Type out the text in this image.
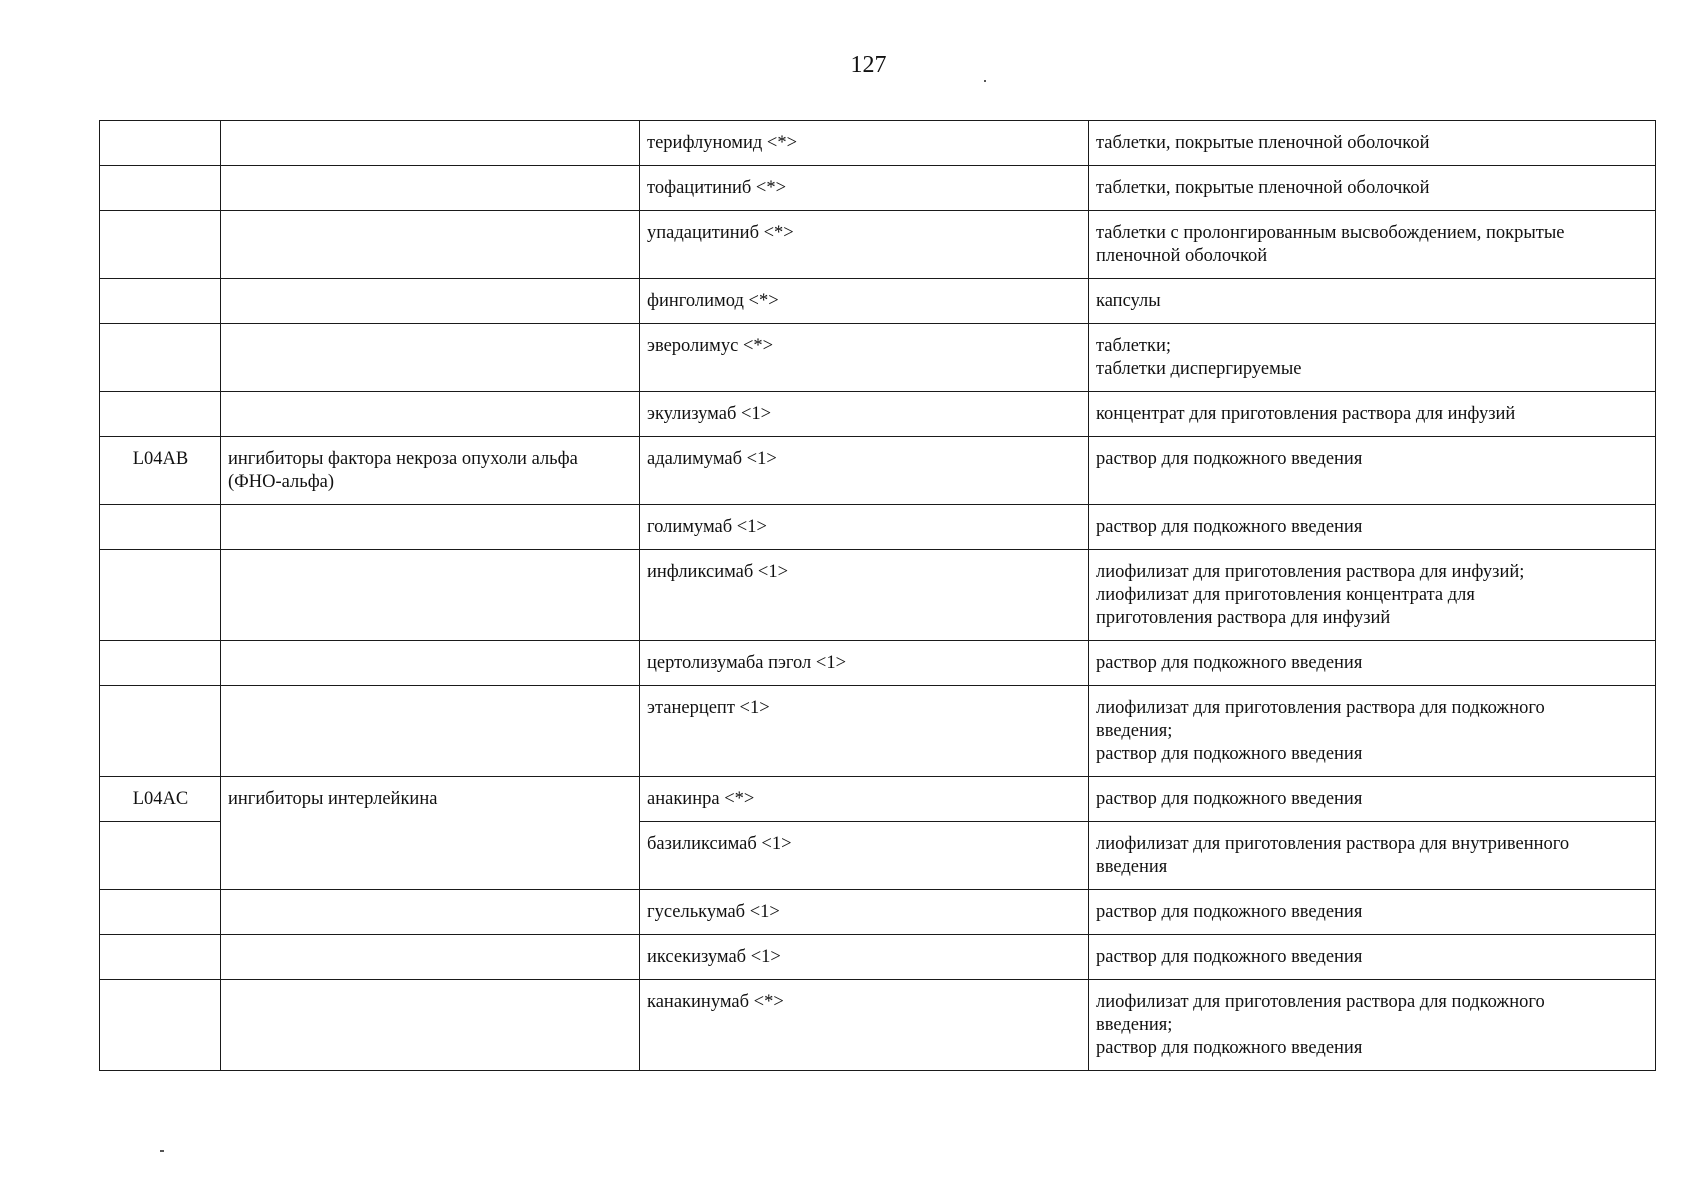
127
		терифлуномид <*>	таблетки, покрытые пленочной оболочкой

		тофацитиниб <*>	таблетки, покрытые пленочной оболочкой

		упадацитиниб <*>	таблетки с пролонгированным высвобождением, покрытые
пленочной оболочкой

		финголимод <*>	капсулы

		эверолимус <*>	таблетки;
таблетки диспергируемые

		экулизумаб <1>	концентрат для приготовления раствора для инфузий

L04AB	ингибиторы фактора некроза опухоли альфа (ФНО-альфа)	адалимумаб <1>	раствор для подкожного введения

		голимумаб <1>	раствор для подкожного введения

		инфликсимаб <1>	лиофилизат для приготовления раствора для инфузий;
лиофилизат для приготовления концентрата для
приготовления раствора для инфузий

		цертолизумаба пэгол <1>	раствор для подкожного введения

		этанерцепт <1>	лиофилизат для приготовления раствора для подкожного
введения;
раствор для подкожного введения

L04AC	ингибиторы интерлейкина	анакинра <*>	раствор для подкожного введения

		базиликсимаб <1>	лиофилизат для приготовления раствора для внутривенного
введения

		гуселькумаб <1>	раствор для подкожного введения

		иксекизумаб <1>	раствор для подкожного введения

		канакинумаб <*>	лиофилизат для приготовления раствора для подкожного
введения;
раствор для подкожного введения
